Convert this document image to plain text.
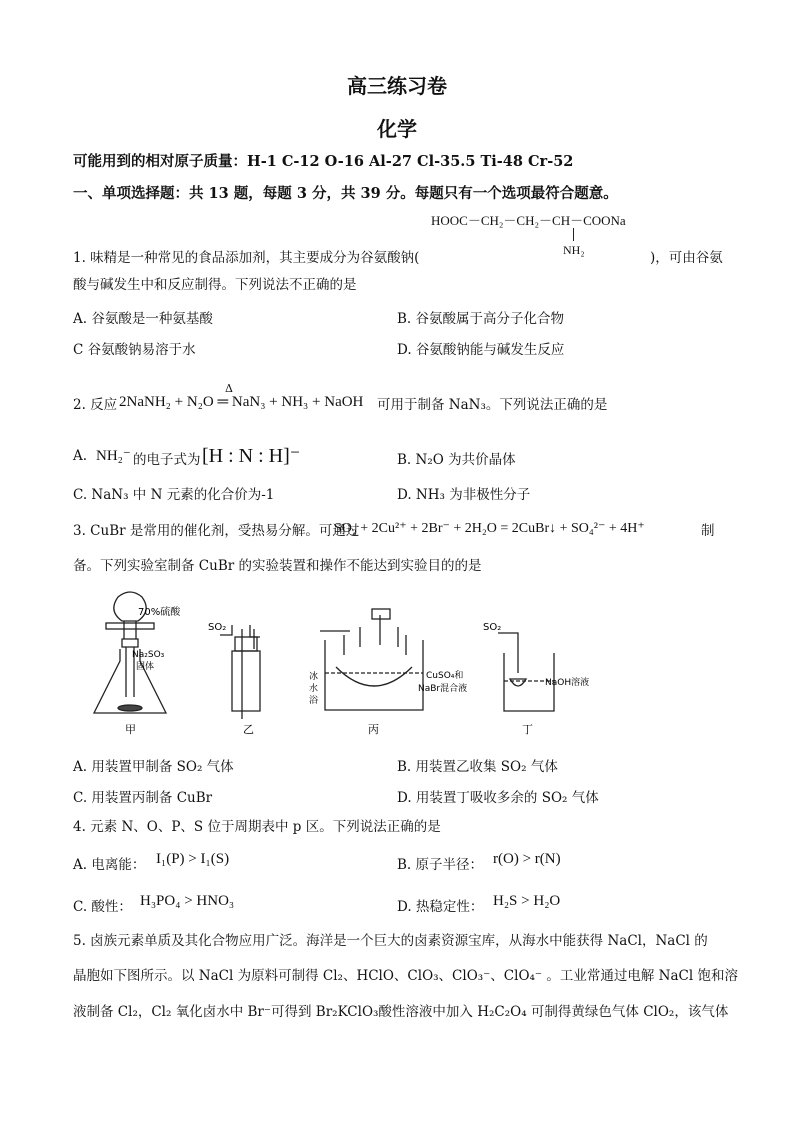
高三练习卷
化学
可能用到的相对原子质量：H-1 C-12 O-16 Al-27 Cl-35.5 Ti-48 Cr-52
一、单项选择题：共 13 题，每题 3 分，共 39 分。每题只有一个选项最符合题意。
HOOC－CH₂－CH₂－CH－COONa
NH₂
1. 味精是一种常见的食品添加剂，其主要成分为谷氨酸钠(	)，可由谷氨
酸与碱发生中和反应制得。下列说法不正确的是
A. 谷氨酸是一种氨基酸	B. 谷氨酸属于高分子化合物
C 谷氨酸钠易溶于水	D. 谷氨酸钠能与碱发生反应
2. 反应 2NaNH₂ + N₂O ═ NaN₃ + NH₃ + NaOH
Δ
可用于制备 NaN₃。下列说法正确的是
A. NH₂⁻ 的电子式为 [H : N : H]⁻	B. N₂O 为共价晶体
C. NaN₃ 中 N 元素的化合价为-1	D. NH₃ 为非极性分子
3. CuBr 是常用的催化剂，受热易分解。可通过
SO₂ + 2Cu²⁺ + 2Br⁻ + 2H₂O = 2CuBr↓ + SO₄²⁻ + 4H⁺	制
备。下列实验室制备 CuBr 的实验装置和操作不能达到实验目的的是
70%硫酸
Na₂SO₃
固体
甲
SO₂
乙
冰
水
浴
CuSO₄和
NaBr混合液
丙
SO₂
NaOH溶液
丁
A. 用装置甲制备 SO₂ 气体	B. 用装置乙收集 SO₂ 气体
C. 用装置丙制备 CuBr	D. 用装置丁吸收多余的 SO₂ 气体
4. 元素 N、O、P、S 位于周期表中 p 区。下列说法正确的是
A. 电离能： I₁(P) > I₁(S)	B. 原子半径： r(O) > r(N)
C. 酸性： H₃PO₄ > HNO₃	D. 热稳定性： H₂S > H₂O
5. 卤族元素单质及其化合物应用广泛。海洋是一个巨大的卤素资源宝库，从海水中能获得 NaCl，NaCl 的
晶胞如下图所示。以 NaCl 为原料可制得 Cl₂、HClO、ClO₃、ClO₃⁻、ClO₄⁻ 。工业常通过电解 NaCl 饱和溶
液制备 Cl₂，Cl₂ 氧化卤水中 Br⁻可得到 Br₂KClO₃酸性溶液中加入 H₂C₂O₄ 可制得黄绿色气体 ClO₂，该气体
